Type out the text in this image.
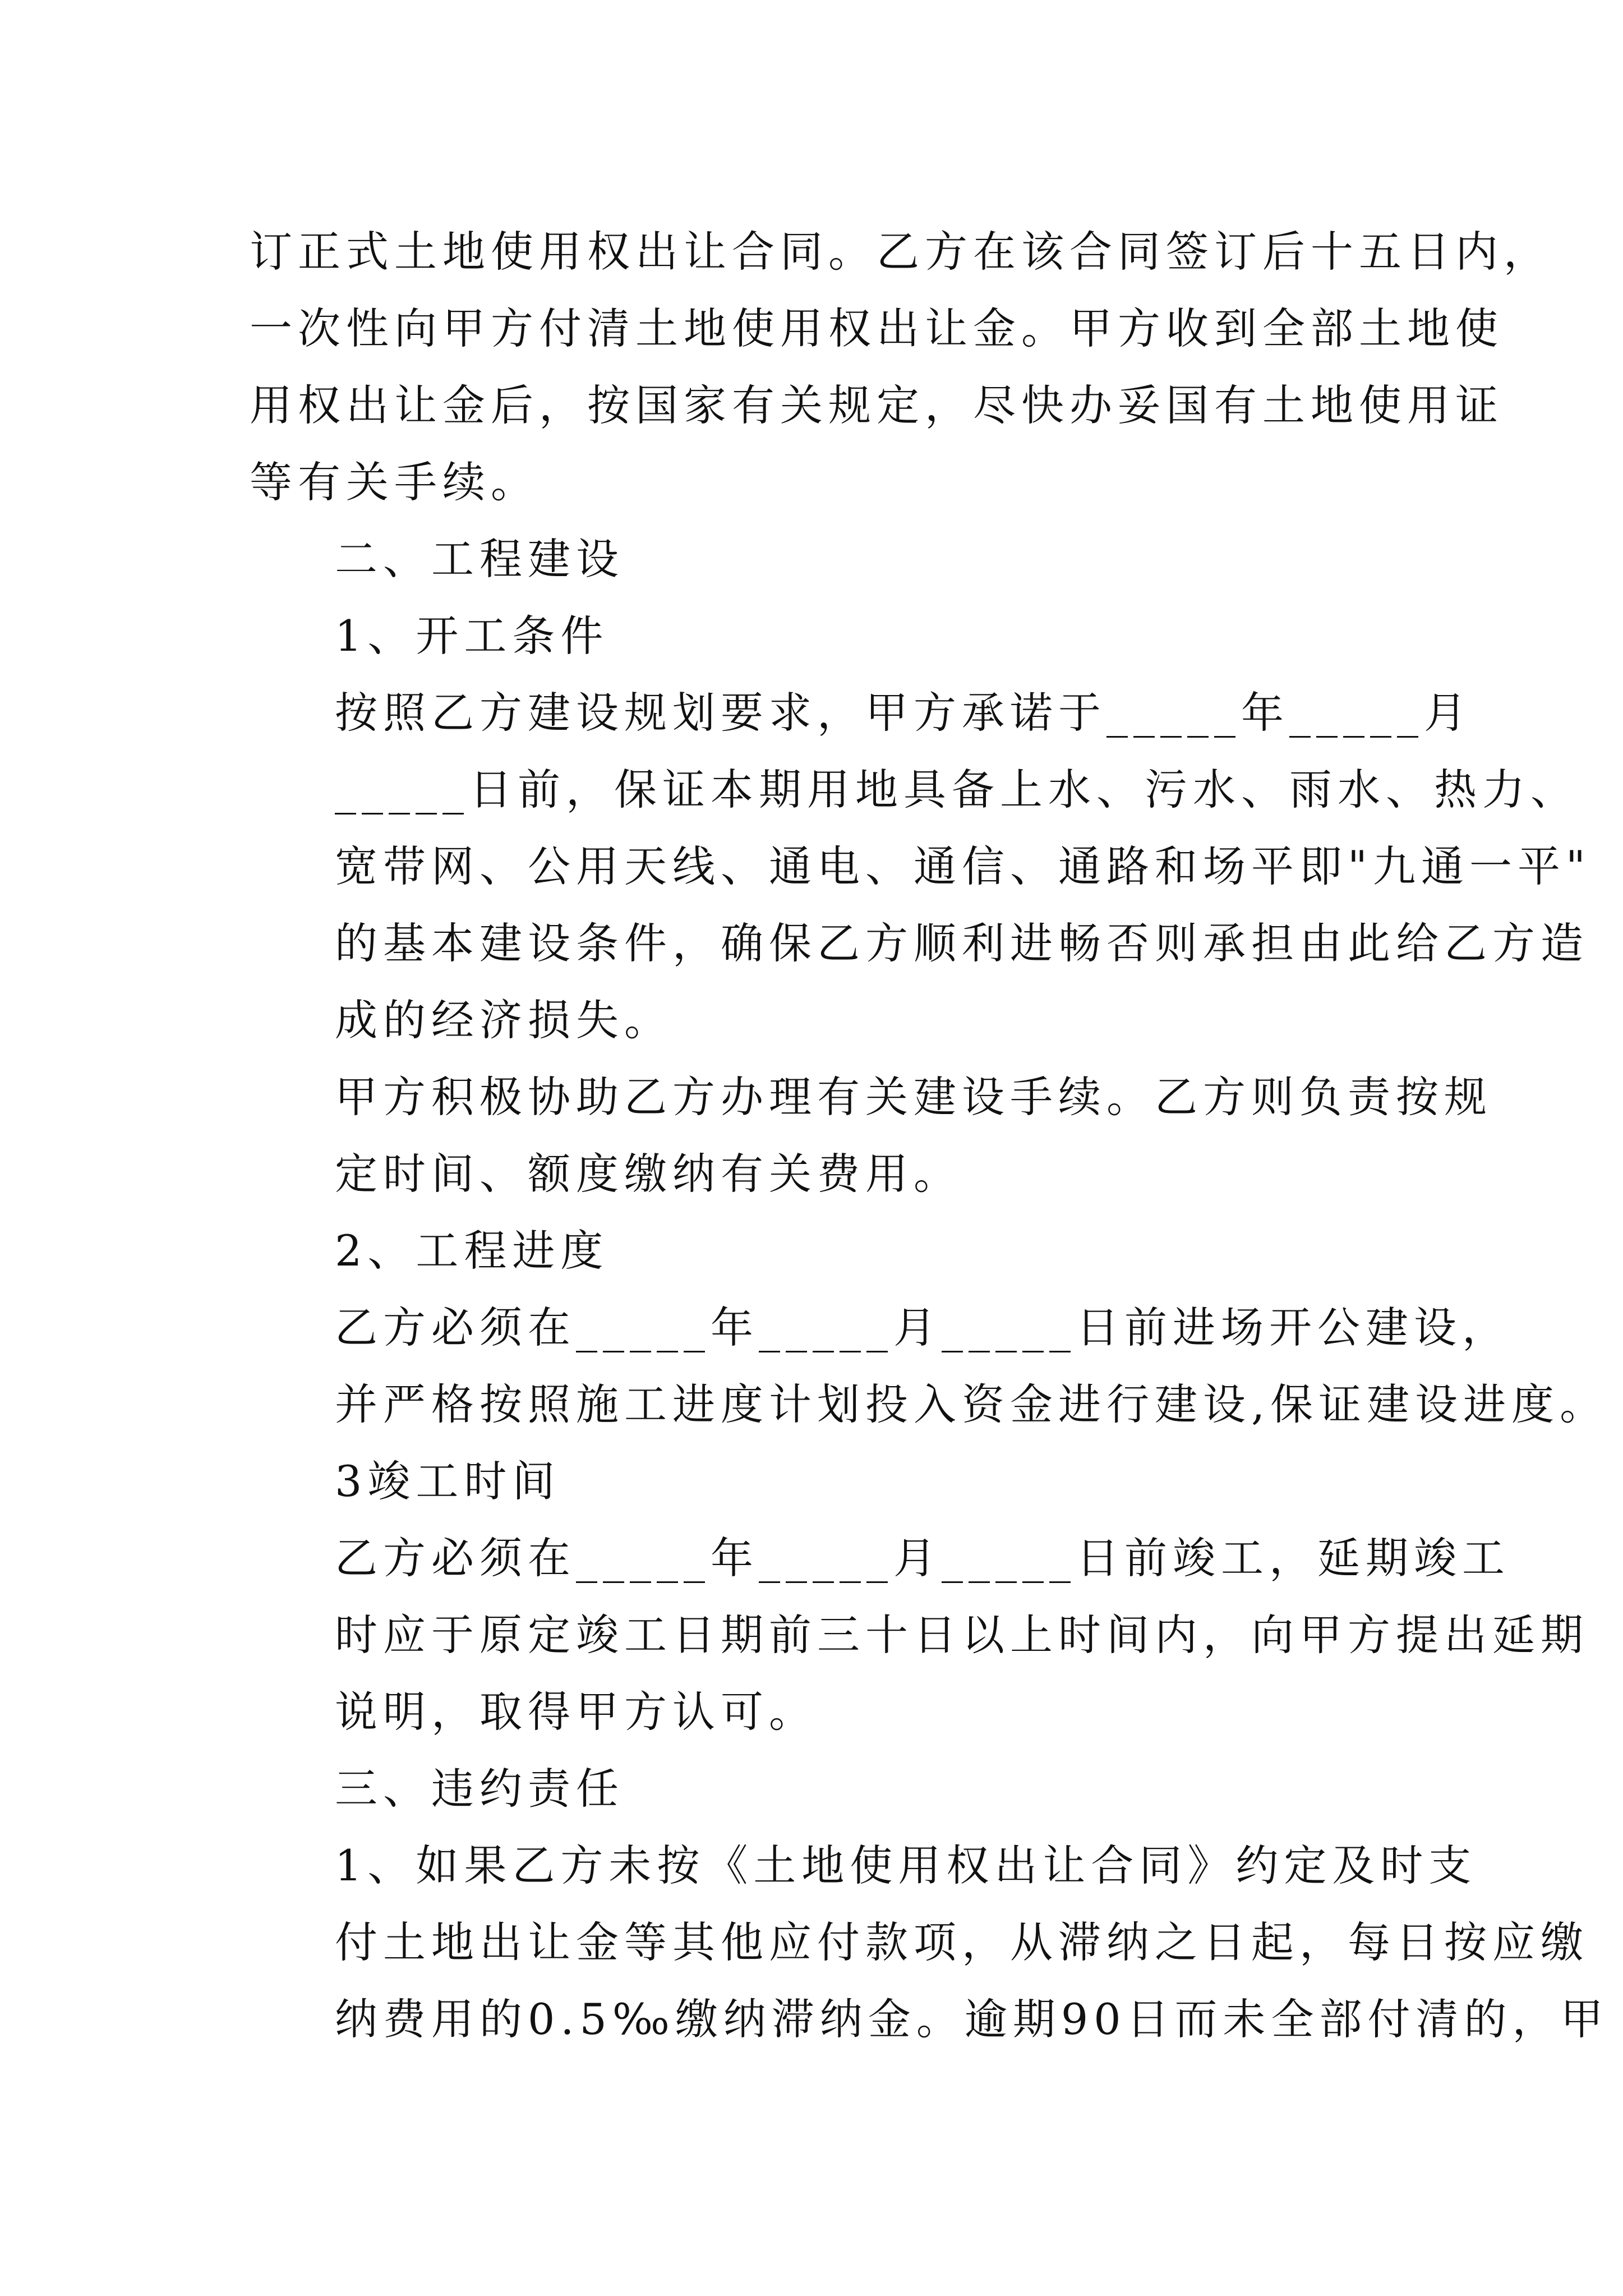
订正式土地使用权出让合同。乙方在该合同签订后十五日内，
一次性向甲方付清土地使用权出让金。甲方收到全部土地使
用权出让金后，按国家有关规定，尽快办妥国有土地使用证
等有关手续。

二、工程建设

1、开工条件

按照乙方建设规划要求，甲方承诺于_____年_____月
_____日前，保证本期用地具备上水、污水、雨水、热力、
宽带网、公用天线、通电、通信、通路和场平即"九通一平"
的基本建设条件，确保乙方顺利进畅否则承担由此给乙方造
成的经济损失。

甲方积极协助乙方办理有关建设手续。乙方则负责按规
定时间、额度缴纳有关费用。

2、工程进度

乙方必须在_____年_____月_____日前进场开公建设，
并严格按照施工进度计划投入资金进行建设,保证建设进度。

3竣工时间

乙方必须在_____年_____月_____日前竣工，延期竣工
时应于原定竣工日期前三十日以上时间内，向甲方提出延期
说明，取得甲方认可。

三、违约责任

1、如果乙方未按《土地使用权出让合同》约定及时支
付土地出让金等其他应付款项，从滞纳之日起，每日按应缴
纳费用的0.5‰缴纳滞纳金。逾期90日而未全部付清的，甲
